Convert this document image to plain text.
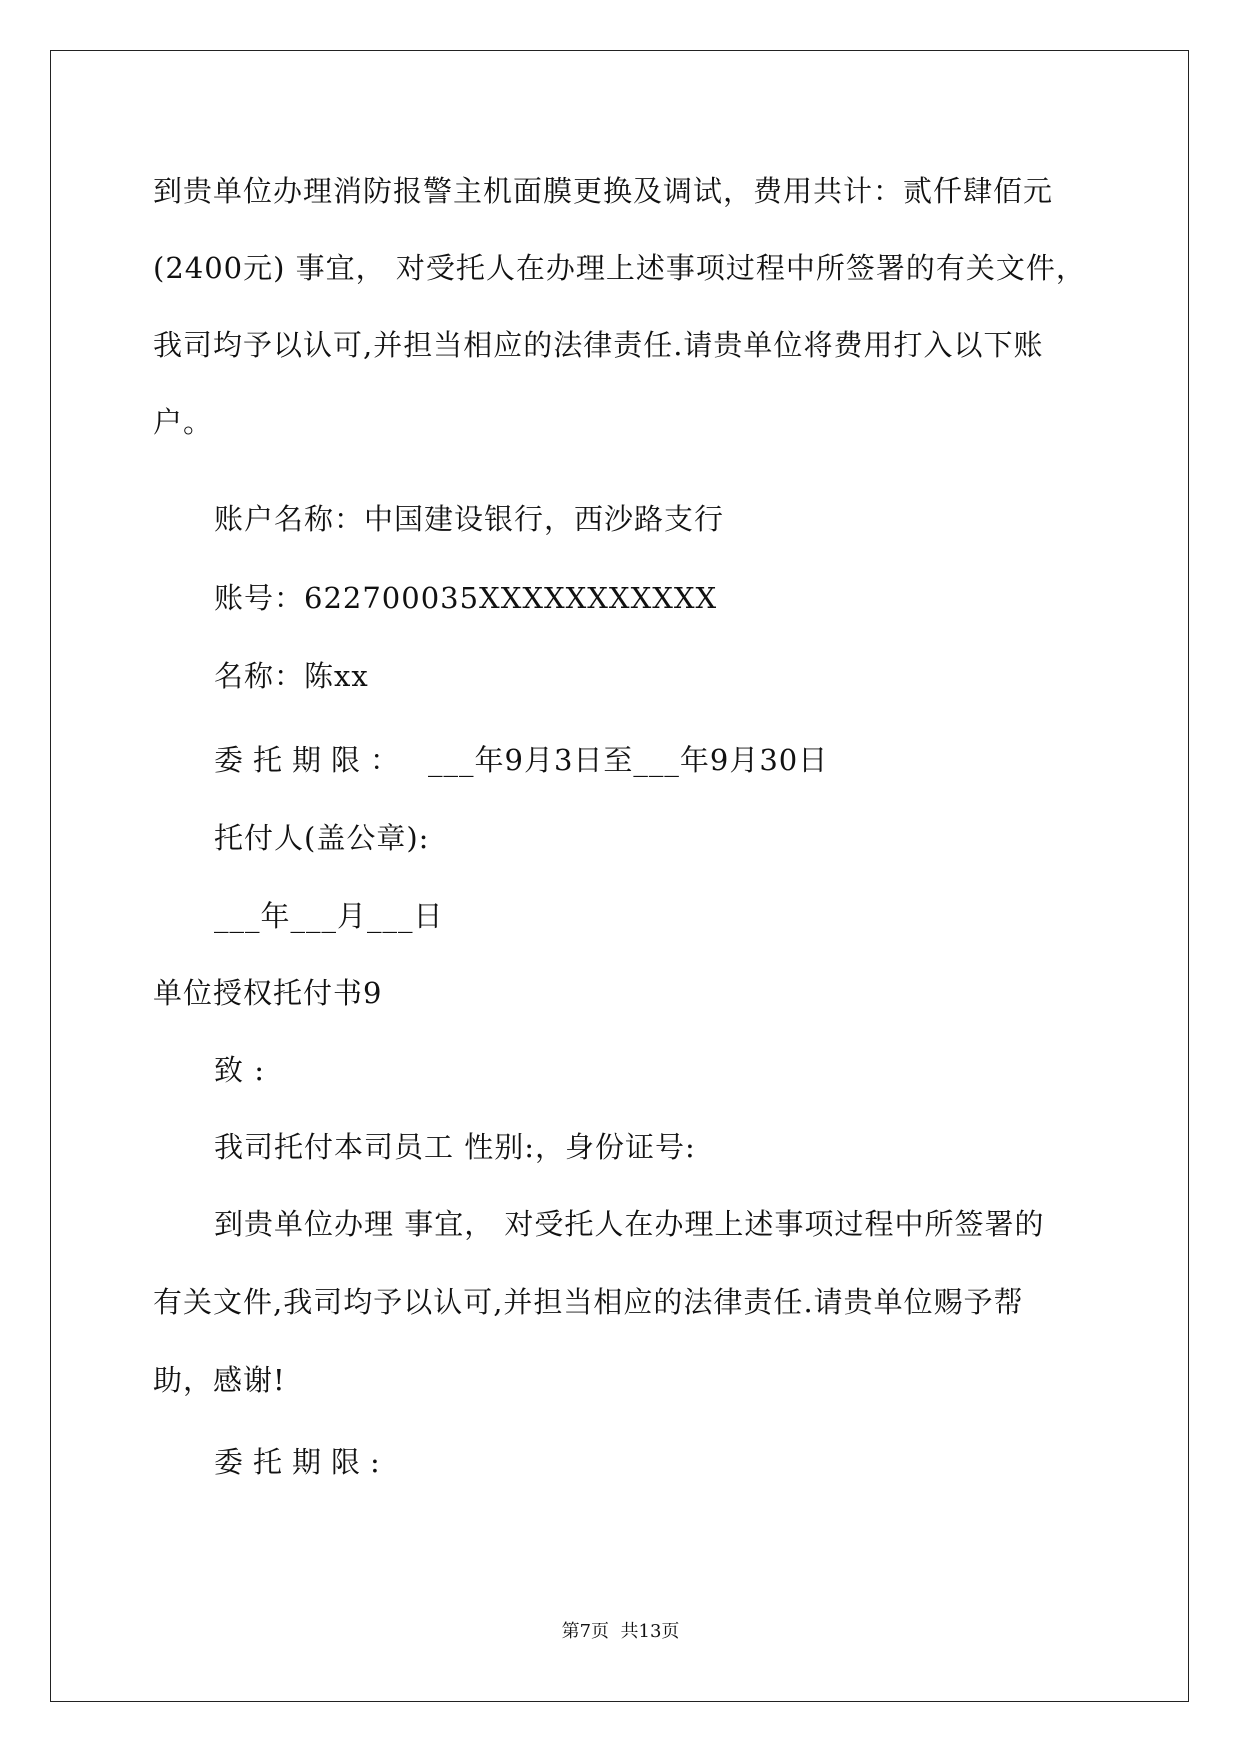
到贵单位办理消防报警主机面膜更换及调试，费用共计：贰仟肆佰元
(2400元) 事宜， 对受托人在办理上述事项过程中所签署的有关文件，
我司均予以认可,并担当相应的法律责任.请贵单位将费用打入以下账
户。
账户名称：中国建设银行，西沙路支行
账号：622700035XXXXXXXXXXX
名称：陈xx
委托期限： ___年9月3日至___年9月30日
托付人(盖公章):
___年___月___日
单位授权托付书9
致 :
我司托付本司员工 性别:，身份证号:
到贵单位办理 事宜， 对受托人在办理上述事项过程中所签署的
有关文件,我司均予以认可,并担当相应的法律责任.请贵单位赐予帮
助，感谢!
委托期限:
第7页  共13页
